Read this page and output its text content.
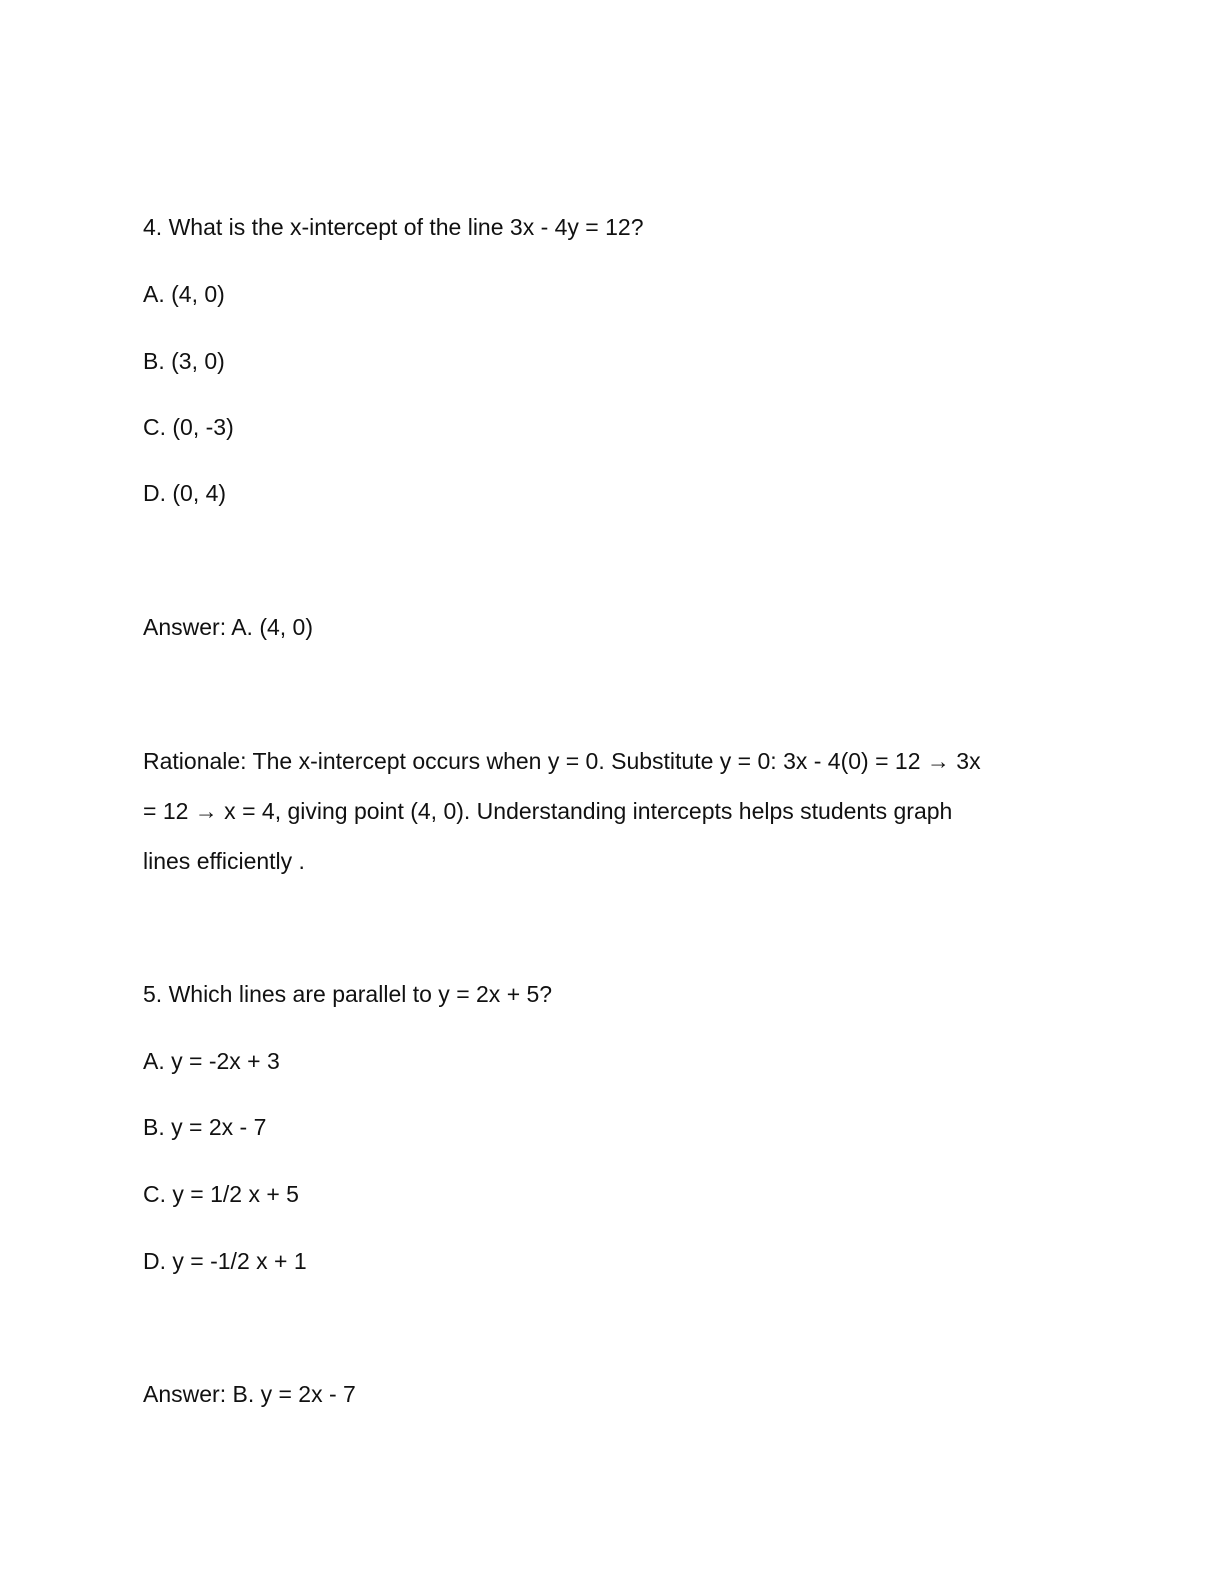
4. What is the x-intercept of the line 3x - 4y = 12?
A. (4, 0)
B. (3, 0)
C. (0, -3)
D. (0, 4)
Answer: A. (4, 0)
Rationale: The x-intercept occurs when y = 0. Substitute y = 0: 3x - 4(0) = 12 → 3x
= 12 → x = 4, giving point (4, 0). Understanding intercepts helps students graph
lines efficiently .
5. Which lines are parallel to y = 2x + 5?
A. y = -2x + 3
B. y = 2x - 7
C. y = 1/2 x + 5
D. y = -1/2 x + 1
Answer: B. y = 2x - 7
